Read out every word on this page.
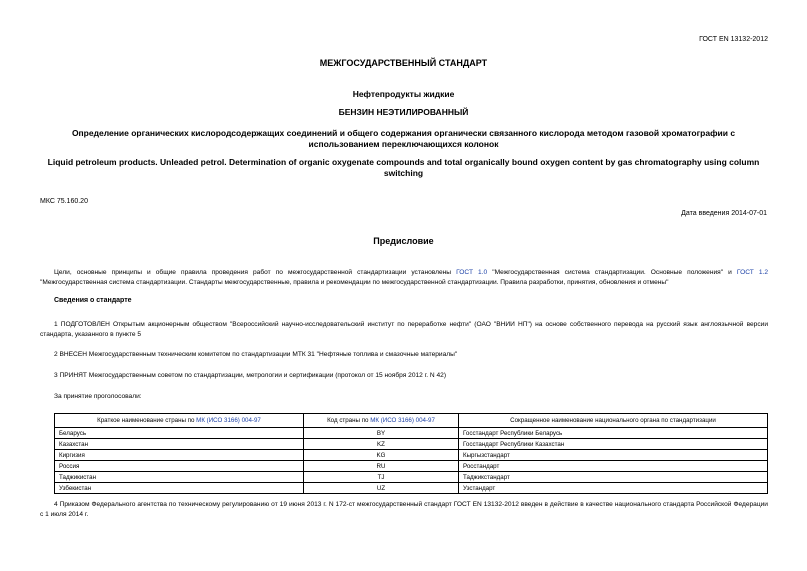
ГОСТ EN 13132-2012
МЕЖГОСУДАРСТВЕННЫЙ СТАНДАРТ
Нефтепродукты жидкие
БЕНЗИН НЕЭТИЛИРОВАННЫЙ
Определение органических кислородсодержащих соединений и общего содержания органически связанного кислорода методом газовой хроматографии с использованием переключающихся колонок
Liquid petroleum products. Unleaded petrol. Determination of organic oxygenate compounds and total organically bound oxygen content by gas chromatography using column switching
МКС 75.160.20
Дата введения 2014-07-01
Предисловие
Цели, основные принципы и общие правила проведения работ по межгосударственной стандартизации установлены ГОСТ 1.0 "Межгосударственная система стандартизации. Основные положения" и ГОСТ 1.2 "Межгосударственная система стандартизации. Стандарты межгосударственные, правила и рекомендации по межгосударственной стандартизации. Правила разработки, принятия, обновления и отмены"
Сведения о стандарте
1 ПОДГОТОВЛЕН Открытым акционерным обществом "Всероссийский научно-исследовательский институт по переработке нефти" (ОАО "ВНИИ НП") на основе собственного перевода на русский язык англоязычной версии стандарта, указанного в пункте 5
2 ВНЕСЕН Межгосударственным техническим комитетом по стандартизации МТК 31 "Нефтяные топлива и смазочные материалы"
3 ПРИНЯТ Межгосударственным советом по стандартизации, метрологии и сертификации (протокол от 15 ноября 2012 г. N 42)
За принятие проголосовали:
Краткое наименование страны по МК (ИСО 3166) 004-97	Код страны по МК (ИСО 3166) 004-97	Сокращенное наименование национального органа по стандартизации
Беларусь	BY	Госстандарт Республики Беларусь
Казахстан	KZ	Госстандарт Республики Казахстан
Киргизия	KG	Кыргызстандарт
Россия	RU	Росстандарт
Таджикистан	TJ	Таджикстандарт
Узбекистан	UZ	Узстандарт
4 Приказом Федерального агентства по техническому регулированию от 19 июня 2013 г. N 172-ст межгосударственный стандарт ГОСТ EN 13132-2012 введен в действие в качестве национального стандарта Российской Федерации с 1 июля 2014 г.
